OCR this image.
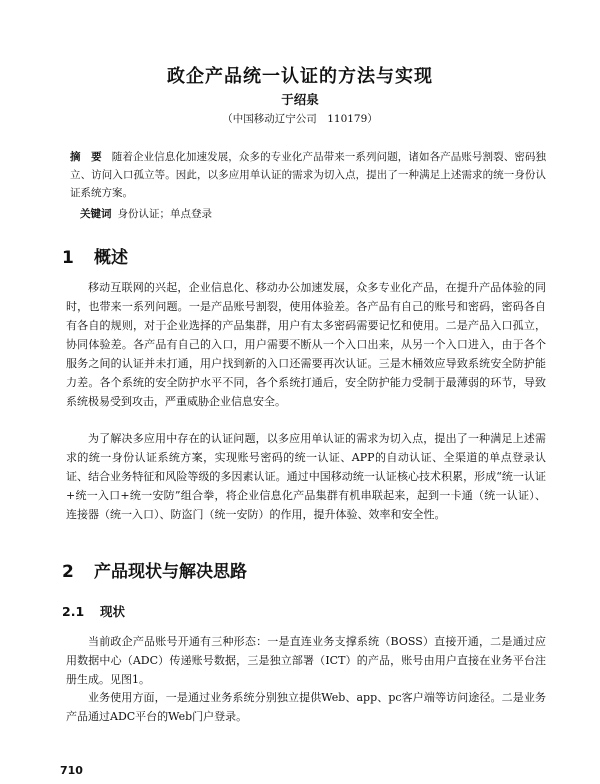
政企产品统一认证的方法与实现
于绍泉
（中国移动辽宁公司　110179）
摘　要 随着企业信息化加速发展，众多的专业化产品带来一系列问题，诸如各产品账号割裂、密码独立、访问入口孤立等。因此，以多应用单认证的需求为切入点，提出了一种满足上述需求的统一身份认证系统方案。
关键词 身份认证；单点登录
1 概述

移动互联网的兴起，企业信息化、移动办公加速发展，众多专业化产品，在提升产品体验的同时，也带来一系列问题。一是产品账号割裂，使用体验差。各产品有自己的账号和密码，密码各自有各自的规则，对于企业选择的产品集群，用户有太多密码需要记忆和使用。二是产品入口孤立，协同体验差。各产品有自己的入口，用户需要不断从一个入口出来，从另一个入口进入，由于各个服务之间的认证并未打通，用户找到新的入口还需要再次认证。三是木桶效应导致系统安全防护能力差。各个系统的安全防护水平不同，各个系统打通后，安全防护能力受制于最薄弱的环节，导致系统极易受到攻击，严重威胁企业信息安全。

为了解决多应用中存在的认证问题，以多应用单认证的需求为切入点，提出了一种满足上述需求的统一身份认证系统方案，实现账号密码的统一认证、APP的自动认证、全渠道的单点登录认证、结合业务特征和风险等级的多因素认证。通过中国移动统一认证核心技术积累，形成“统一认证+统一入口+统一安防”组合拳，将企业信息化产品集群有机串联起来，起到一卡通（统一认证）、连接器（统一入口）、防盗门（统一安防）的作用，提升体验、效率和安全性。

2 产品现状与解决思路
2.1 现状

当前政企产品账号开通有三种形态：一是直连业务支撑系统（BOSS）直接开通，二是通过应用数据中心（ADC）传递账号数据，三是独立部署（ICT）的产品，账号由用户直接在业务平台注册生成。见图1。

业务使用方面，一是通过业务系统分别独立提供Web、app、pc客户端等访问途径。二是业务产品通过ADC平台的Web门户登录。

710
